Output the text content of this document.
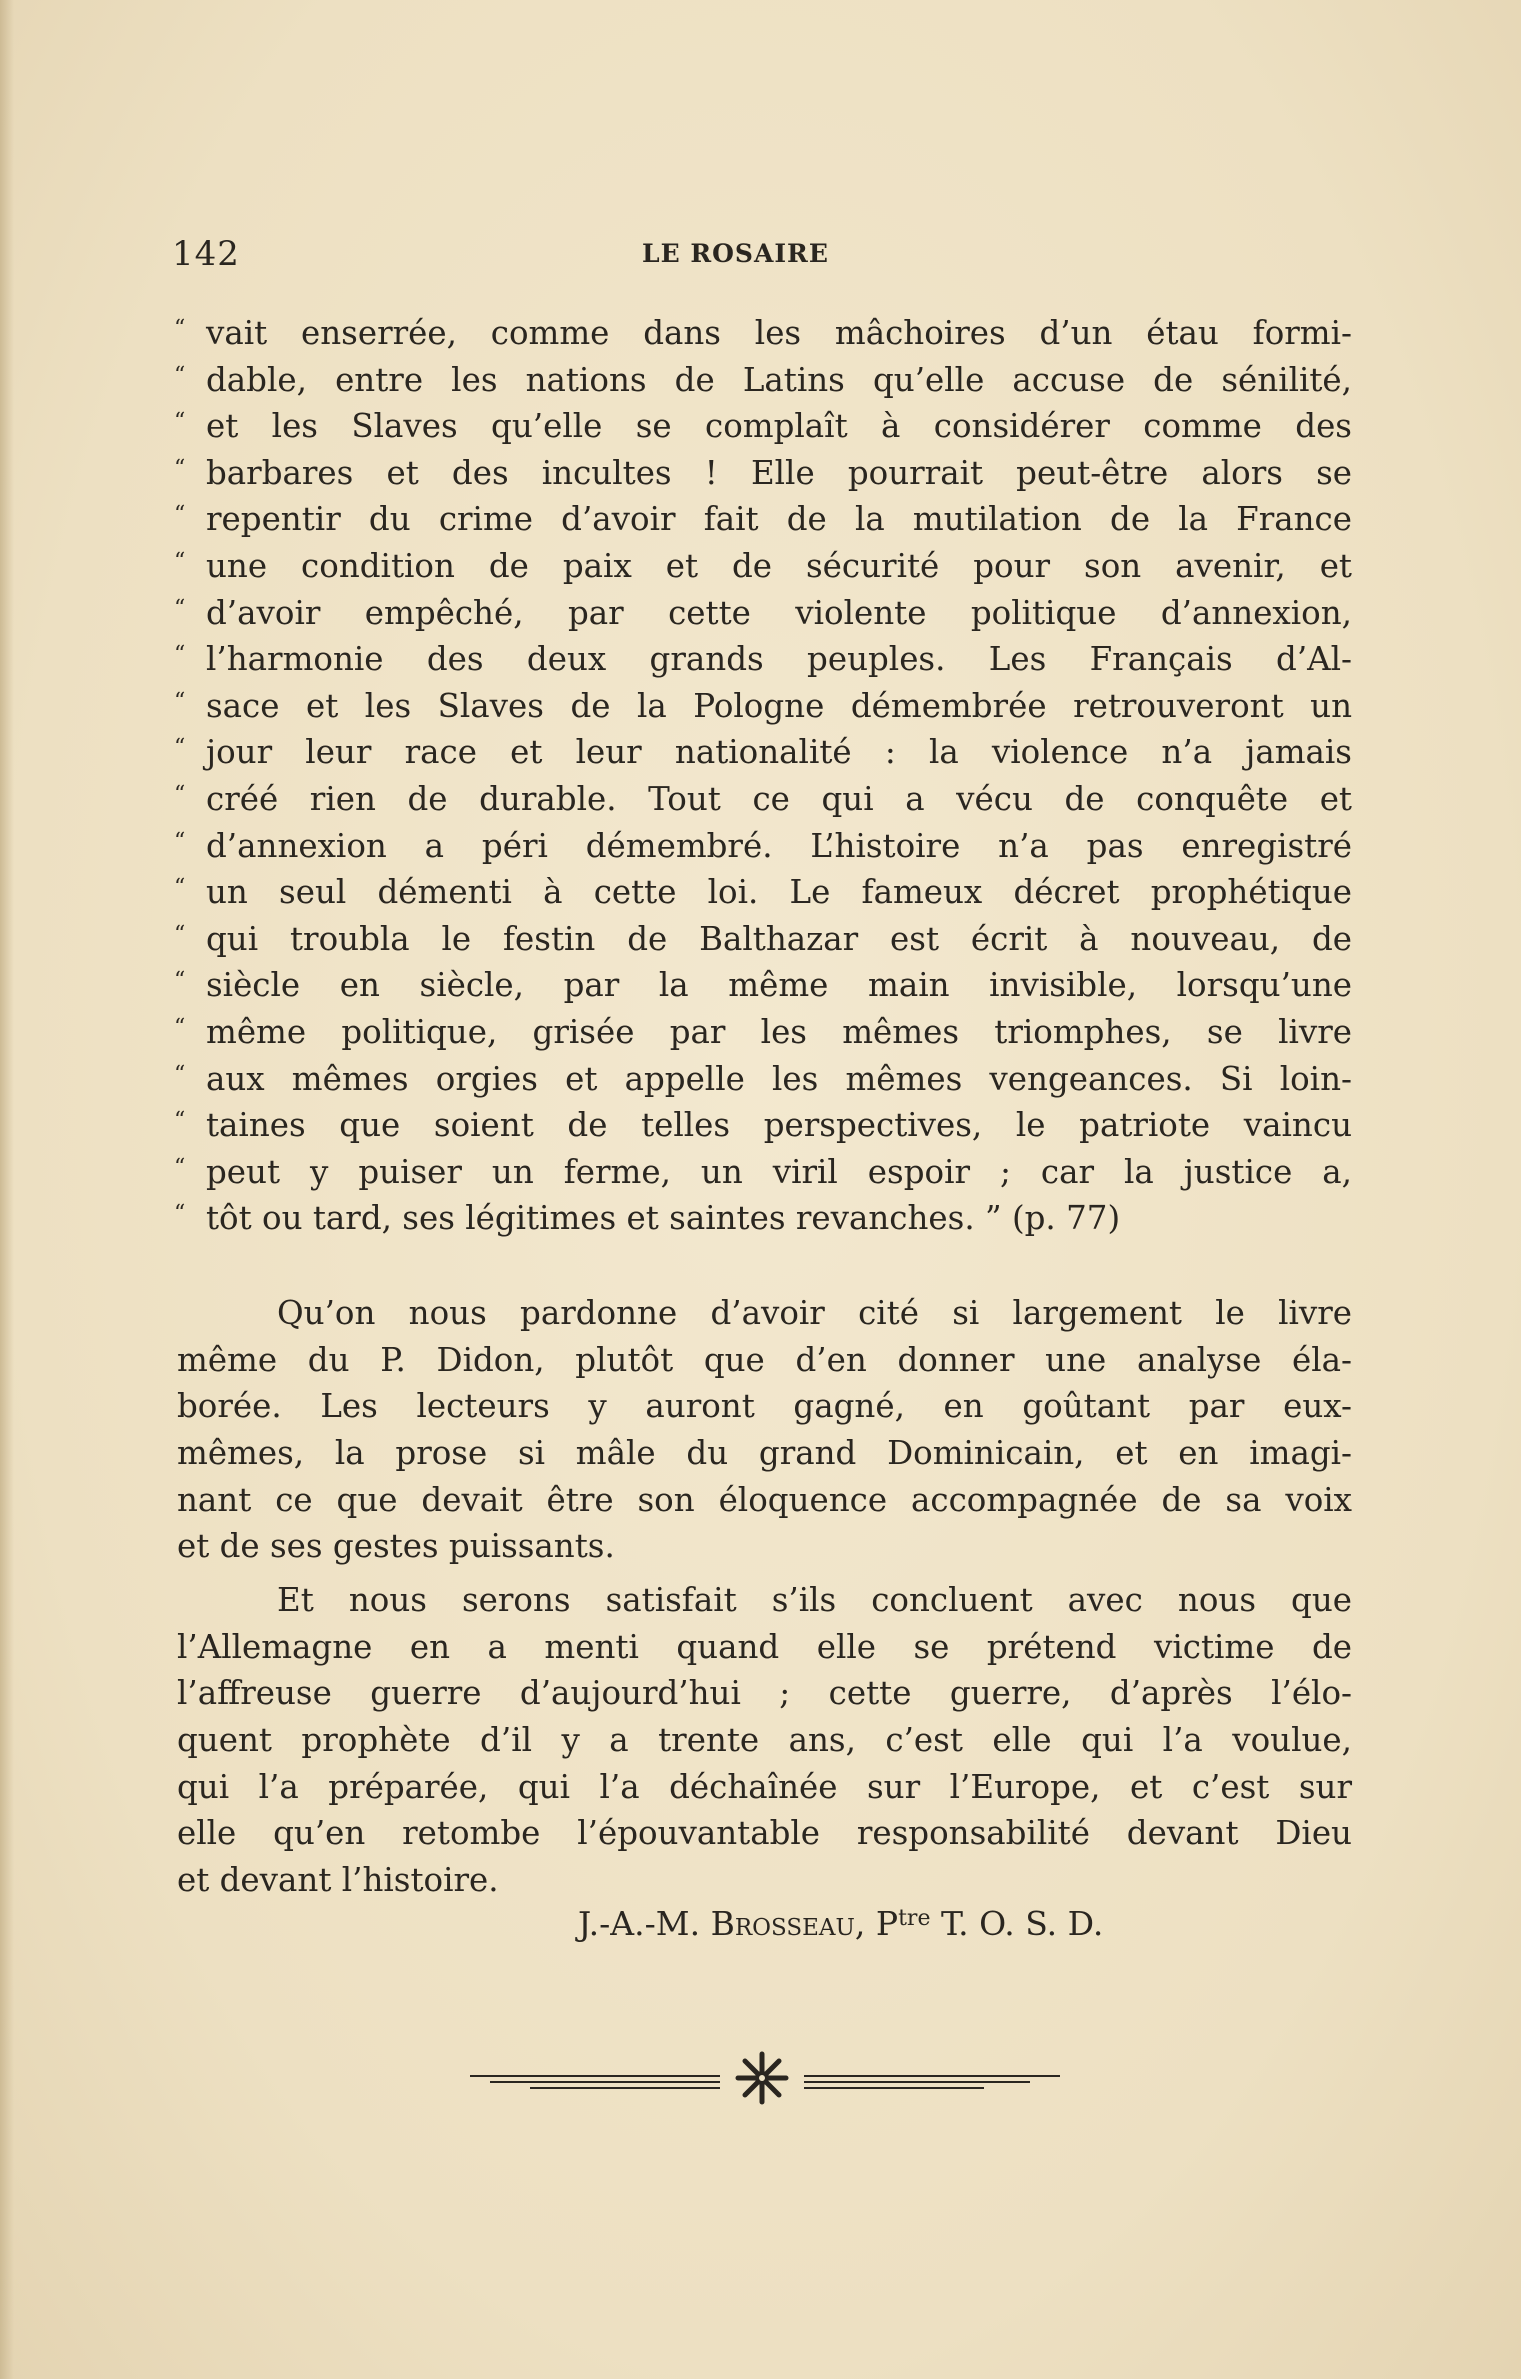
142	LE ROSAIRE
“ vait enserrée, comme dans les mâchoires d’un étau formi-
“ dable, entre les nations de Latins qu’elle accuse de sénilité,
“ et les Slaves qu’elle se complaît à considérer comme des
“ barbares et des incultes ! Elle pourrait peut-être alors se
“ repentir du crime d’avoir fait de la mutilation de la France
“ une condition de paix et de sécurité pour son avenir, et
“ d’avoir empêché, par cette violente politique d’annexion,
“ l’harmonie des deux grands peuples. Les Français d’Al-
“ sace et les Slaves de la Pologne démembrée retrouveront un
“ jour leur race et leur nationalité : la violence n’a jamais
“ créé rien de durable. Tout ce qui a vécu de conquête et
“ d’annexion a péri démembré. L’histoire n’a pas enregistré
“ un seul démenti à cette loi. Le fameux décret prophétique
“ qui troubla le festin de Balthazar est écrit à nouveau, de
“ siècle en siècle, par la même main invisible, lorsqu’une
“ même politique, grisée par les mêmes triomphes, se livre
“ aux mêmes orgies et appelle les mêmes vengeances. Si loin-
“ taines que soient de telles perspectives, le patriote vaincu
“ peut y puiser un ferme, un viril espoir ; car la justice a,
“ tôt ou tard, ses légitimes et saintes revanches. ” (p. 77)
Qu’on nous pardonne d’avoir cité si largement le livre
même du P. Didon, plutôt que d’en donner une analyse éla-
borée. Les lecteurs y auront gagné, en goûtant par eux-
mêmes, la prose si mâle du grand Dominicain, et en imagi-
nant ce que devait être son éloquence accompagnée de sa voix
et de ses gestes puissants.
Et nous serons satisfait s’ils concluent avec nous que
l’Allemagne en a menti quand elle se prétend victime de
l’affreuse guerre d’aujourd’hui ; cette guerre, d’après l’élo-
quent prophète d’il y a trente ans, c’est elle qui l’a voulue,
qui l’a préparée, qui l’a déchaînée sur l’Europe, et c’est sur
elle qu’en retombe l’épouvantable responsabilité devant Dieu
et devant l’histoire.
J.-A.-M. Brosseau, $P^{tre}$ T. O. S. D.
